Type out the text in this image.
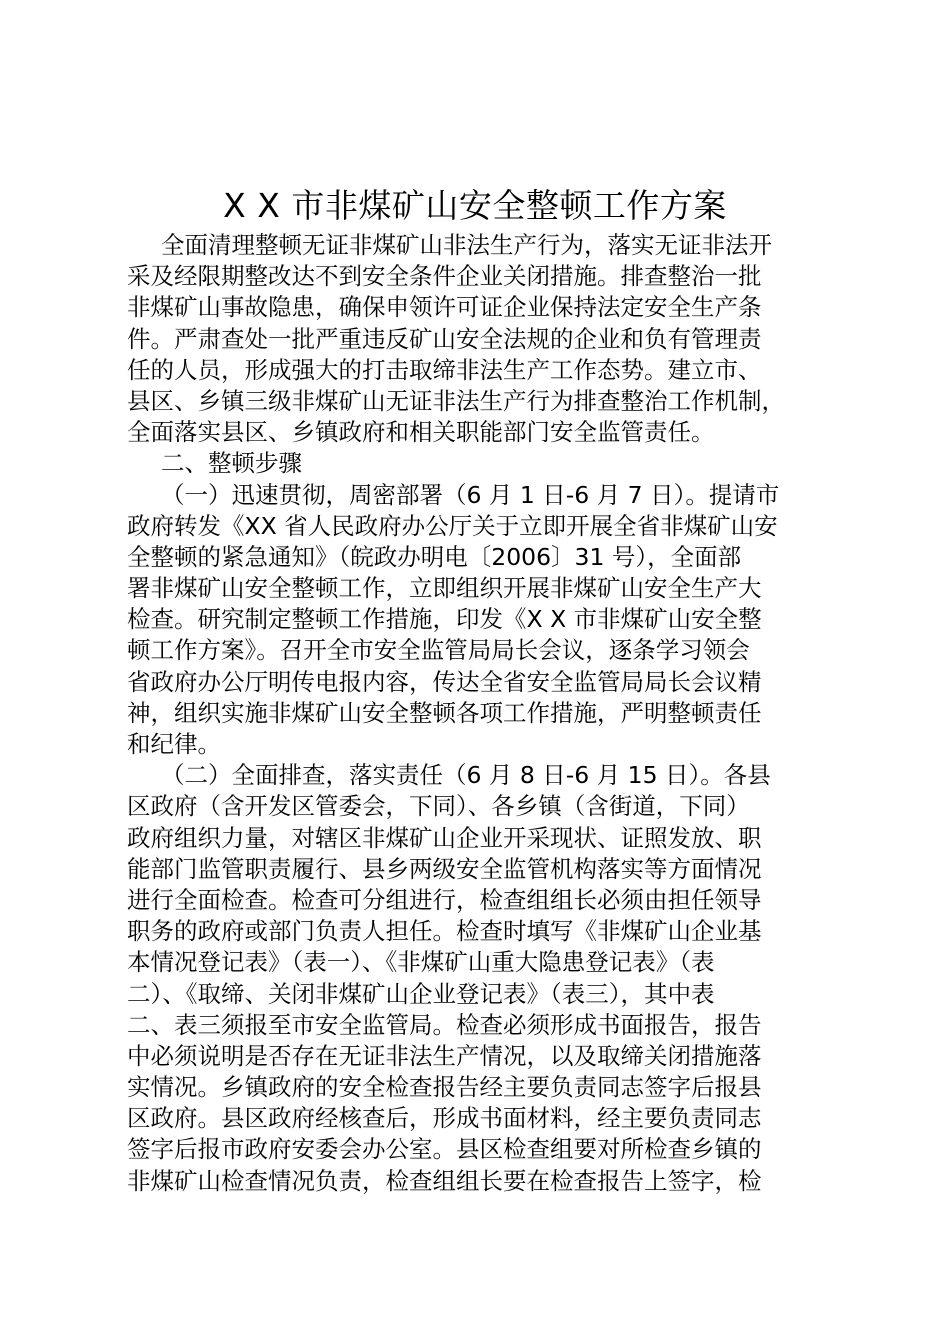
X X 市非煤矿山安全整顿工作方案
全面清理整顿无证非煤矿山非法生产行为，落实无证非法开
采及经限期整改达不到安全条件企业关闭措施。排查整治一批
非煤矿山事故隐患，确保申领许可证企业保持法定安全生产条
件。严肃查处一批严重违反矿山安全法规的企业和负有管理责
任的人员，形成强大的打击取缔非法生产工作态势。建立市、
县区、乡镇三级非煤矿山无证非法生产行为排查整治工作机制，
全面落实县区、乡镇政府和相关职能部门安全监管责任。
二、整顿步骤
（一）迅速贯彻，周密部署（6 月 1 日-6 月 7 日）。提请市
政府转发《XX 省人民政府办公厅关于立即开展全省非煤矿山安
全整顿的紧急通知》（皖政办明电〔2006〕31 号），全面部
署非煤矿山安全整顿工作，立即组织开展非煤矿山安全生产大
检查。研究制定整顿工作措施，印发《X X 市非煤矿山安全整
顿工作方案》。召开全市安全监管局局长会议，逐条学习领会
省政府办公厅明传电报内容，传达全省安全监管局局长会议精
神，组织实施非煤矿山安全整顿各项工作措施，严明整顿责任
和纪律。
（二）全面排查，落实责任（6 月 8 日-6 月 15 日）。各县
区政府（含开发区管委会，下同）、各乡镇（含街道，下同）
政府组织力量，对辖区非煤矿山企业开采现状、证照发放、职
能部门监管职责履行、县乡两级安全监管机构落实等方面情况
进行全面检查。检查可分组进行，检查组组长必须由担任领导
职务的政府或部门负责人担任。检查时填写《非煤矿山企业基
本情况登记表》（表一）、《非煤矿山重大隐患登记表》（表
二）、《取缔、关闭非煤矿山企业登记表》（表三），其中表
二、表三须报至市安全监管局。检查必须形成书面报告，报告
中必须说明是否存在无证非法生产情况，以及取缔关闭措施落
实情况。乡镇政府的安全检查报告经主要负责同志签字后报县
区政府。县区政府经核查后，形成书面材料，经主要负责同志
签字后报市政府安委会办公室。县区检查组要对所检查乡镇的
非煤矿山检查情况负责，检查组组长要在检查报告上签字，检
